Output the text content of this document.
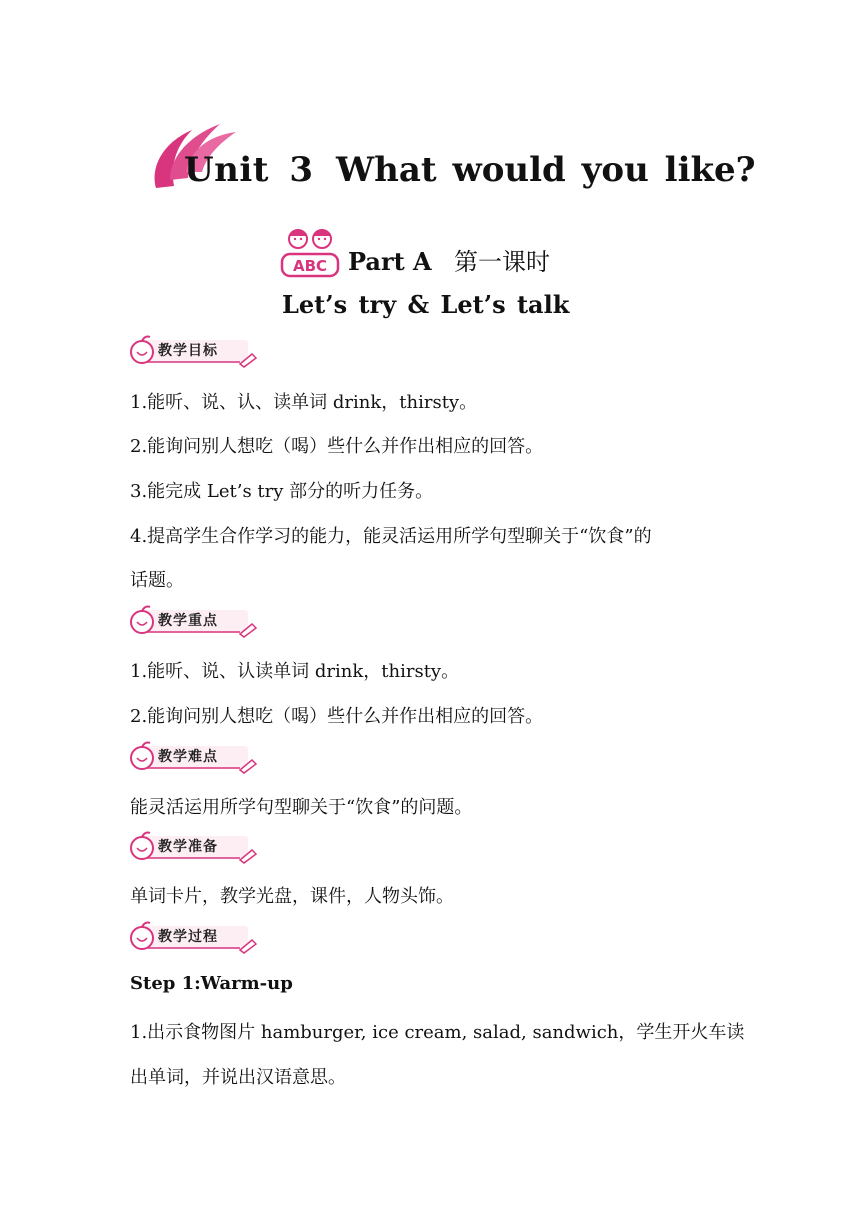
Unit 3 What would you like?
ABC Part A 第一课时
Let’s try & Let’s talk
教学目标
1.能听、说、认、读单词 drink，thirsty。
2.能询问别人想吃（喝）些什么并作出相应的回答。
3.能完成 Let’s try 部分的听力任务。
4.提高学生合作学习的能力，能灵活运用所学句型聊关于“饮食”的
话题。
教学重点
1.能听、说、认读单词 drink，thirsty。
2.能询问别人想吃（喝）些什么并作出相应的回答。
教学难点
能灵活运用所学句型聊关于“饮食”的问题。
教学准备
单词卡片，教学光盘，课件，人物头饰。
教学过程
Step 1:Warm-up
1.出示食物图片 hamburger, ice cream, salad, sandwich，学生开火车读
出单词，并说出汉语意思。
